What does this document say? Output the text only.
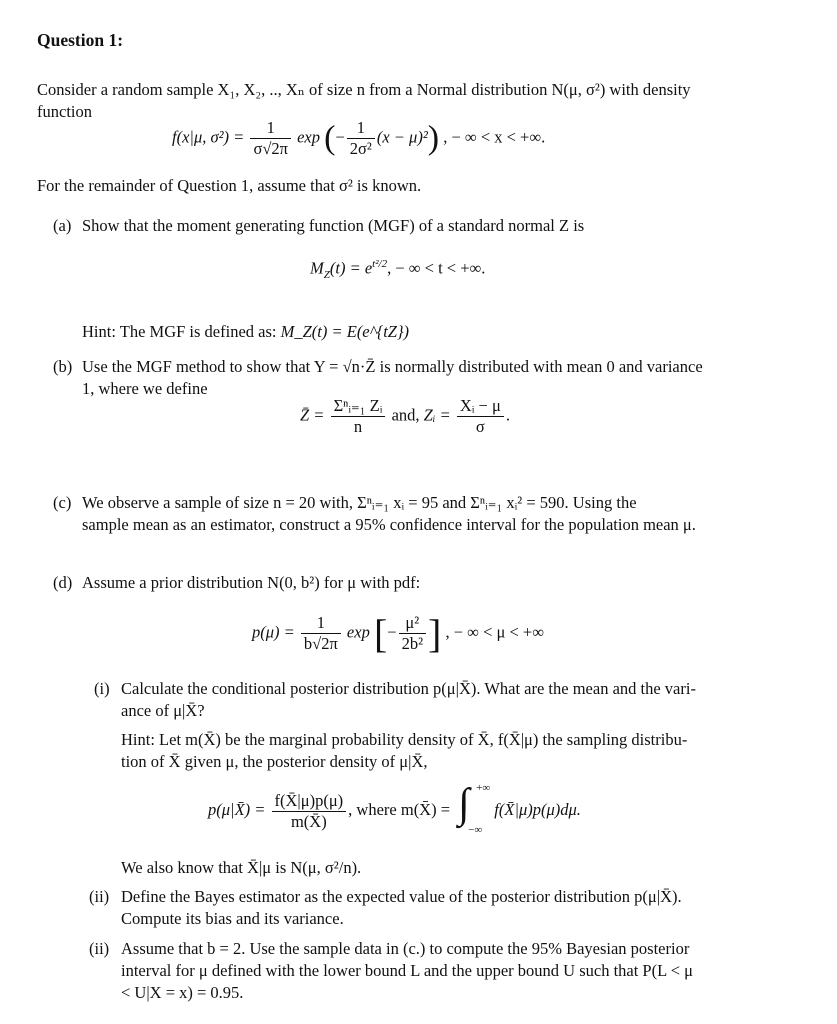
Question 1:
Consider a random sample X₁, X₂, .., Xₙ of size n from a Normal distribution N(μ, σ²) with density
function
f(x|μ, $\sigma^2) = \frac{1}{\sigma√2\pi}$ exp (− $\frac{1}{\text{2σ²}} (x - \mu)^2$) , − ∞ < x < +∞.
For the remainder of Question 1, assume that σ² is known.
(a) Show that the moment generating function (MGF) of a standard normal Z is
$M_Z(t) = e^{t^2/2}$, − ∞ < t < +∞.
Hint: The MGF is defined as: M_Z(t) = E(e^{tZ})
(b) Use the MGF method to show that Y = √n·Z̄ is normally distributed with mean 0 and variance
1, where we define
Z̄ = $\frac{\text{Σⁿᵢ₌₁ Zᵢ}}{n}$ and, Zᵢ = $\frac{\text{Xᵢ − μ}}{\sigma}$ .
(c) We observe a sample of size n = 20 with, Σⁿᵢ₌₁ xᵢ = 95 and Σⁿᵢ₌₁ xᵢ² = 590. Using the
sample mean as an estimator, construct a 95% confidence interval for the population mean μ.
(d) Assume a prior distribution N(0, b²) for μ with pdf:
$p(\mu) = \frac{1}{b√2\pi}$ exp [− $\frac{\text{μ²}}{\text{2b²}}$ ] , − ∞ < μ < +∞
(i) Calculate the conditional posterior distribution p(μ|X̄). What are the mean and the vari-
ance of μ|X̄?
Hint: Let m(X̄) be the marginal probability density of X̄, f(X̄|μ) the sampling distribu-
tion of X̄ given μ, the posterior density of μ|X̄,
p(μ|X̄) = $\frac{f(X̄|\mu)p(\mu)}{m(X̄)}$ , where m(X̄) = ∫ +∞
−∞
f(X̄|μ)p(μ)dμ.
We also know that X̄|μ is N(μ, σ²/n).
(ii) Define the Bayes estimator as the expected value of the posterior distribution p(μ|X̄).
Compute its bias and its variance.
(ii) Assume that b = 2. Use the sample data in (c.) to compute the 95% Bayesian posterior
interval for μ defined with the lower bound L and the upper bound U such that P(L < μ
< U|X = x) = 0.95.
